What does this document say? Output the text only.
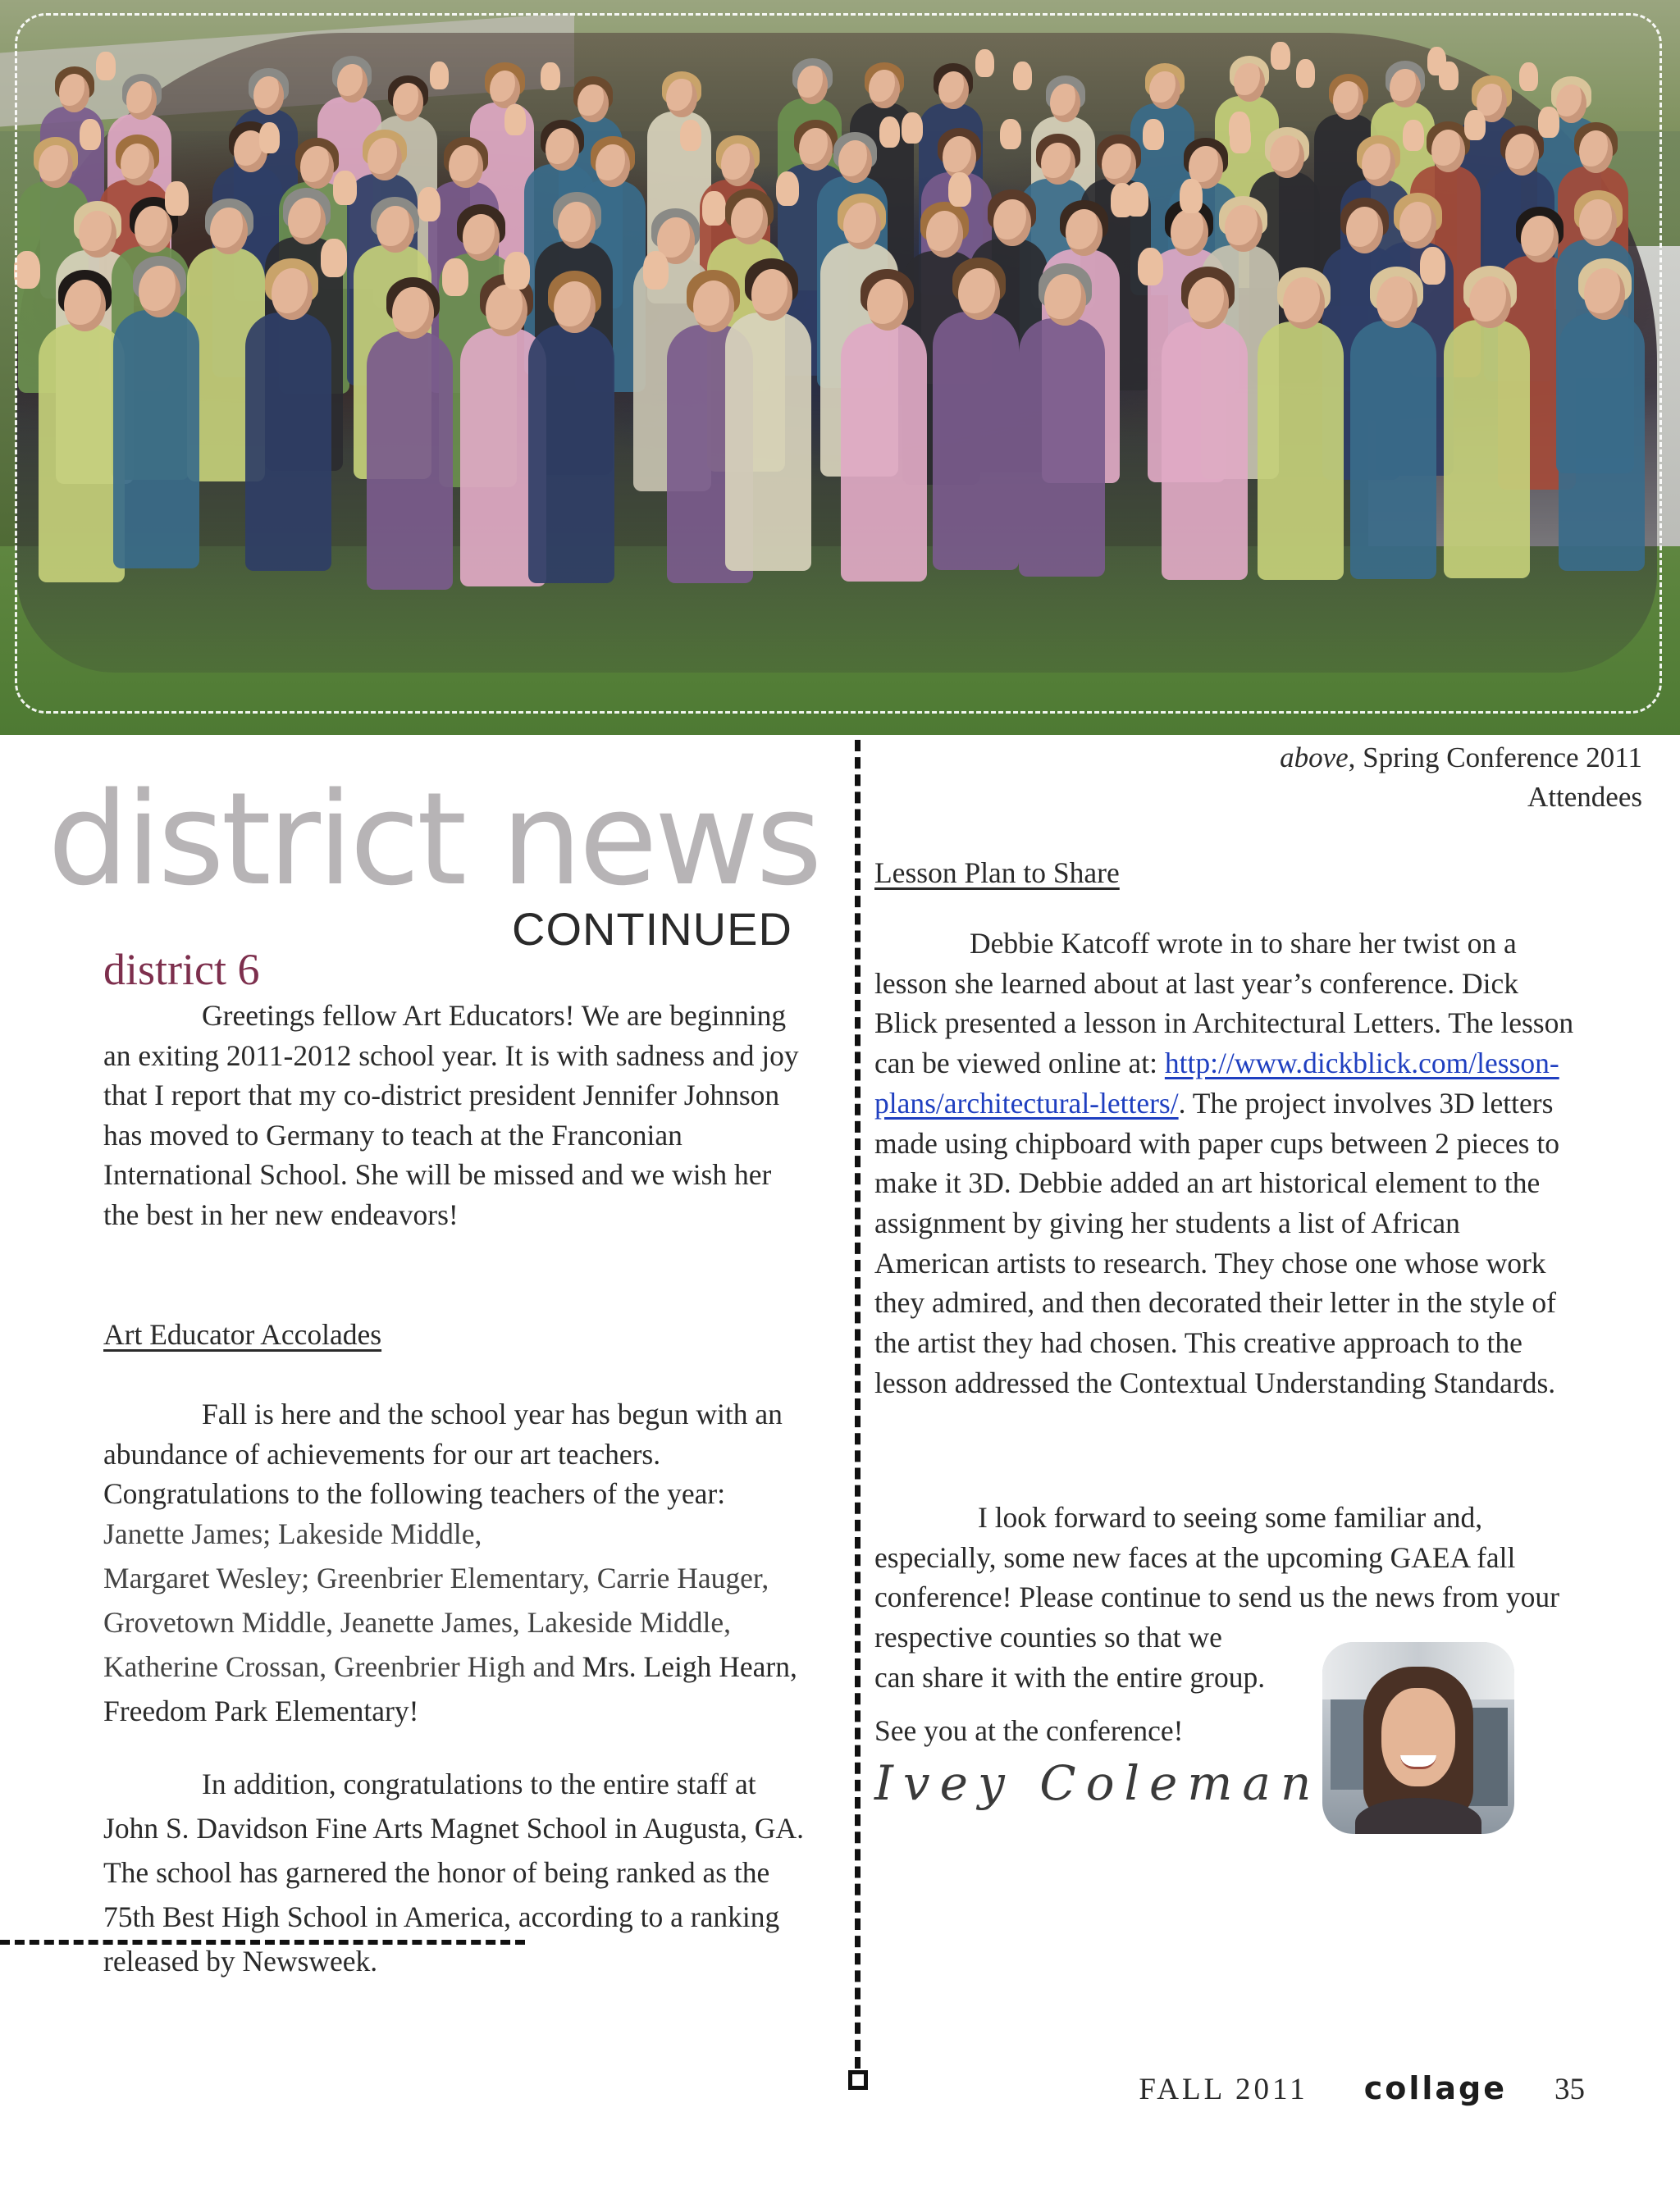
above, Spring Conference 2011
Attendees
district news
CONTINUED
district 6

Greetings fellow Art Educators! We are beginning an exiting 2011-2012 school year. It is with sadness and joy that I report that my co-district president Jennifer Johnson has moved to Germany to teach at the Franconian International School. She will be missed and we wish her the best in her new endeavors!

Art Educator Accolades

Fall is here and the school year has begun with an abundance of achievements for our art teachers. Congratulations to the following teachers of the year:

Janette James; Lakeside Middle,
Margaret Wesley; Greenbrier Elementary, Carrie Hauger, Grovetown Middle, Jeanette James, Lakeside Middle, Katherine Crossan, Greenbrier High and Mrs. Leigh Hearn, Freedom Park Elementary!

In addition, congratulations to the entire staff at John S. Davidson Fine Arts Magnet School in Augusta, GA. The school has garnered the honor of being ranked as the 75th Best High School in America, according to a ranking released by Newsweek.

Lesson Plan to Share

Debbie Katcoff wrote in to share her twist on a lesson she learned about at last year’s conference. Dick Blick presented a lesson in Architectural Letters. The lesson can be viewed online at: http://www.dickblick.com/lesson-plans/architectural-letters/. The project involves 3D letters made using chipboard with paper cups between 2 pieces to make it 3D. Debbie added an art historical element to the assignment by giving her students a list of African American artists to research. They chose one whose work they admired, and then decorated their letter in the style of the artist they had chosen. This creative approach to the lesson addressed the Contextual Understanding Standards.

I look forward to seeing some familiar and, especially, some new faces at the upcoming GAEA fall conference! Please continue to send us the news from your respective counties so that we
can share it with the entire group.

See you at the conference!

Ivey Coleman
FALL 2011 collage 35
